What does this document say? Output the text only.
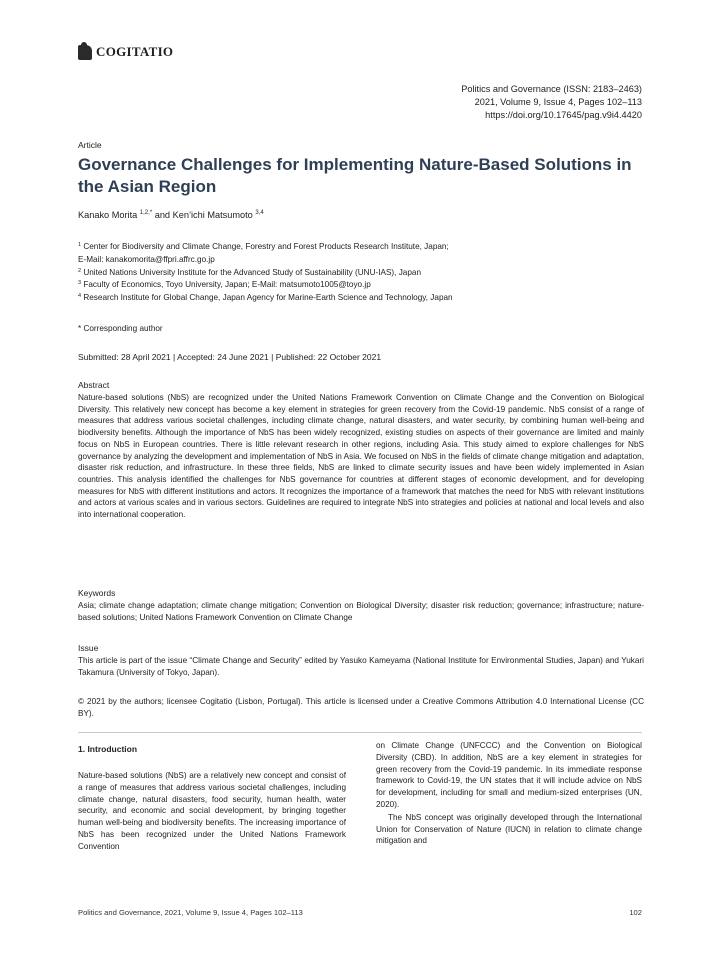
COGITATIO
Politics and Governance (ISSN: 2183–2463)
2021, Volume 9, Issue 4, Pages 102–113
https://doi.org/10.17645/pag.v9i4.4420
Article
Governance Challenges for Implementing Nature-Based Solutions in the Asian Region
Kanako Morita $^{1,2,*}$ and Ken’ichi Matsumoto $^{3,4}$
$^1$ Center for Biodiversity and Climate Change, Forestry and Forest Products Research Institute, Japan;
E-Mail: kanakomorita@ffpri.affrc.go.jp
$^2$ United Nations University Institute for the Advanced Study of Sustainability (UNU-IAS), Japan
$^3$ Faculty of Economics, Toyo University, Japan; E-Mail: matsumoto1005@toyo.jp
$^4$ Research Institute for Global Change, Japan Agency for Marine-Earth Science and Technology, Japan
* Corresponding author
Submitted: 28 April 2021 | Accepted: 24 June 2021 | Published: 22 October 2021
Abstract
Nature-based solutions (NbS) are recognized under the United Nations Framework Convention on Climate Change and the Convention on Biological Diversity. This relatively new concept has become a key element in strategies for green recovery from the Covid-19 pandemic. NbS consist of a range of measures that address various societal challenges, including climate change, natural disasters, and water security, by combining human well-being and biodiversity benefits. Although the importance of NbS has been widely recognized, existing studies on aspects of their governance are limited and mainly focus on NbS in European countries. There is little relevant research in other regions, including Asia. This study aimed to explore challenges for NbS governance by analyzing the development and implementation of NbS in Asia. We focused on NbS in the fields of climate change mitigation and adaptation, disaster risk reduction, and infrastructure. In these three fields, NbS are linked to climate security issues and have been widely implemented in Asian countries. This analysis identified the challenges for NbS governance for countries at different stages of economic development, and for developing measures for NbS with different institutions and actors. It recognizes the importance of a framework that matches the need for NbS with relevant institutions and actors at various scales and in various sectors. Guidelines are required to integrate NbS into strategies and policies at national and local levels and also into international cooperation.
Keywords
Asia; climate change adaptation; climate change mitigation; Convention on Biological Diversity; disaster risk reduction; governance; infrastructure; nature-based solutions; United Nations Framework Convention on Climate Change
Issue
This article is part of the issue “Climate Change and Security” edited by Yasuko Kameyama (National Institute for Environmental Studies, Japan) and Yukari Takamura (University of Tokyo, Japan).
© 2021 by the authors; licensee Cogitatio (Lisbon, Portugal). This article is licensed under a Creative Commons Attribution 4.0 International License (CC BY).
1. Introduction
Nature-based solutions (NbS) are a relatively new concept and consist of a range of measures that address various societal challenges, including climate change, natural disasters, food security, human health, water security, and economic and social development, by bringing together human well-being and biodiversity benefits. The increasing importance of NbS has been recognized under the United Nations Framework Convention
on Climate Change (UNFCCC) and the Convention on Biological Diversity (CBD). In addition, NbS are a key element in strategies for green recovery from the Covid-19 pandemic. In its immediate response framework to Covid-19, the UN states that it will include advice on NbS for development, including for small and medium-sized enterprises (UN, 2020).
The NbS concept was originally developed through the International Union for Conservation of Nature (IUCN) in relation to climate change mitigation and
Politics and Governance, 2021, Volume 9, Issue 4, Pages 102–113	102
